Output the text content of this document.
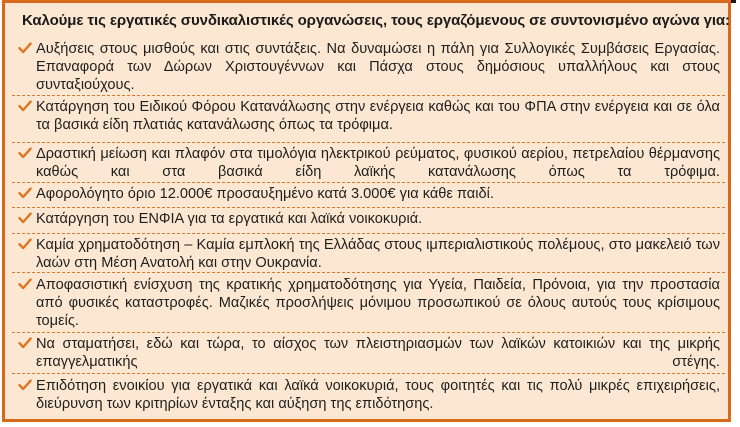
Καλούμε τις εργατικές συνδικαλιστικές οργανώσεις, τους εργαζόμενους σε συντονισμένο αγώνα για:
Αυξήσεις στους μισθούς και στις συντάξεις. Να δυναμώσει η πάλη για Συλλογικές Συμβάσεις Εργασίας. Επαναφορά των Δώρων Χριστουγέννων και Πάσχα στους δημόσιους υπαλλήλους και στους συνταξιούχους.
Κατάργηση του Ειδικού Φόρου Κατανάλωσης στην ενέργεια καθώς και του ΦΠΑ στην ενέργεια και σε όλα τα βασικά είδη πλατιάς κατανάλωσης όπως τα τρόφιμα.
Δραστική μείωση και πλαφόν στα τιμολόγια ηλεκτρικού ρεύματος, φυσικού αερίου, πετρελαίου θέρμανσης καθώς και στα βασικά είδη λαϊκής κατανάλωσης όπως τα τρόφιμα.
Αφορολόγητο όριο 12.000€ προσαυξημένο κατά 3.000€ για κάθε παιδί.
Κατάργηση του ΕΝΦΙΑ για τα εργατικά και λαϊκά νοικοκυριά.
Καμία χρηματοδότηση – Καμία εμπλοκή της Ελλάδας στους ιμπεριαλιστικούς πολέμους, στο μακελειό των λαών στη Μέση Ανατολή και στην Ουκρανία.
Αποφασιστική ενίσχυση της κρατικής χρηματοδότησης για Υγεία, Παιδεία, Πρόνοια, για την προστασία από φυσικές καταστροφές. Μαζικές προσλήψεις μόνιμου προσωπικού σε όλους αυτούς τους κρίσιμους τομείς.
Να σταματήσει, εδώ και τώρα, το αίσχος των πλειστηριασμών των λαϊκών κατοικιών και της μικρής επαγγελματικής στέγης.
Επιδότηση ενοικίου για εργατικά και λαϊκά νοικοκυριά, τους φοιτητές και τις πολύ μικρές επιχειρήσεις, διεύρυνση των κριτηρίων ένταξης και αύξηση της επιδότησης.
